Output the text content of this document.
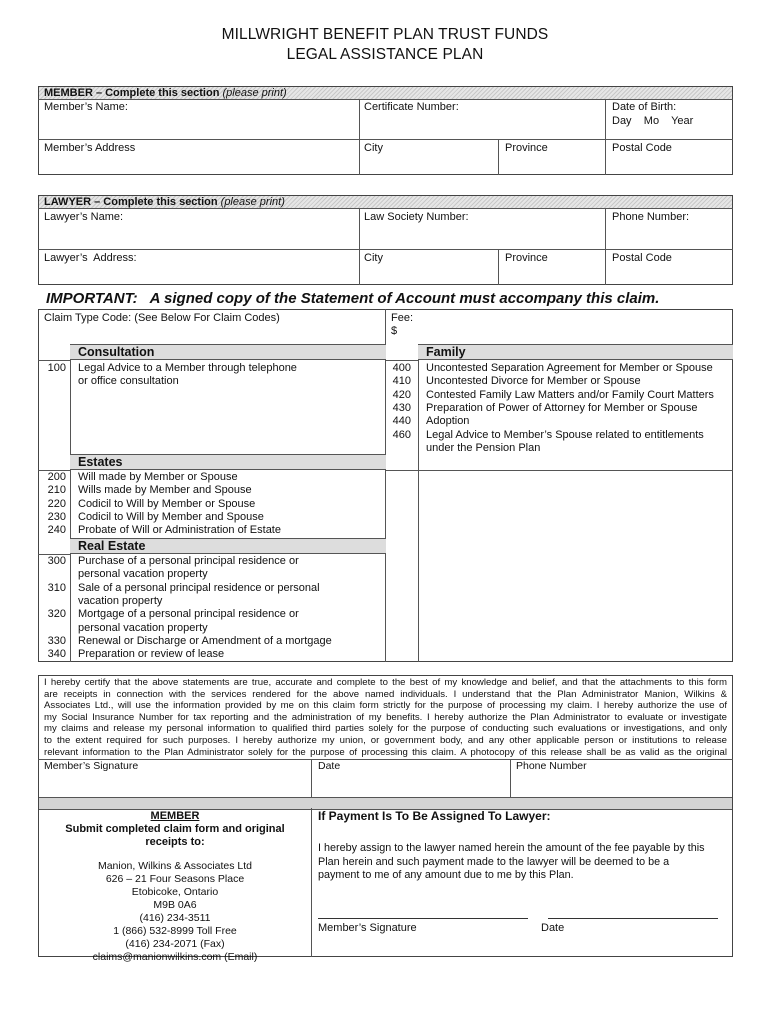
MILLWRIGHT BENEFIT PLAN TRUST FUNDS
LEGAL ASSISTANCE PLAN
MEMBER – Complete this section (please print)
Member’s Name:	Certificate Number:	Date of Birth:
Day    Mo    Year
Member’s Address	City	Province	Postal Code
LAWYER – Complete this section (please print)
Lawyer’s Name:	Law Society Number:	Phone Number:
Lawyer’s  Address:	City	Province	Postal Code
IMPORTANT:   A signed copy of the Statement of Account must accompany this claim.
Claim Type Code: (See Below For Claim Codes)	Fee:
$
Consultation
100 Legal Advice to a Member through telephone
or office consultation
Family
400 Uncontested Separation Agreement for Member or Spouse
410 Uncontested Divorce for Member or Spouse
420 Contested Family Law Matters and/or Family Court Matters
430 Preparation of Power of Attorney for Member or Spouse
440 Adoption
460 Legal Advice to Member’s Spouse related to entitlements
under the Pension Plan
Estates
200 Will made by Member or Spouse
210 Wills made by Member and Spouse
220 Codicil to Will by Member or Spouse
230 Codicil to Will by Member and Spouse
240 Probate of Will or Administration of Estate
Real Estate
300 Purchase of a personal principal residence or
personal vacation property
310 Sale of a personal principal residence or personal
vacation property
320 Mortgage of a personal principal residence or
personal vacation property
330 Renewal or Discharge or Amendment of a mortgage
340 Preparation or review of lease
I hereby certify that the above statements are true, accurate and complete to the best of my knowledge and belief, and that the attachments to this form
are receipts in connection with the services rendered for the above named individuals. I understand that the Plan Administrator Manion, Wilkins &
Associates Ltd., will use the information provided by me on this claim form strictly for the purpose of processing my claim. I hereby authorize the use of
my Social Insurance Number for tax reporting and the administration of my benefits. I hereby authorize the Plan Administrator to evaluate or investigate
my claims and release my personal information to qualified third parties solely for the purpose of conducting such evaluations or investigations, and only
to the extent required for such purposes. I hereby authorize my union, or government body, and any other applicable person or institutions to release
relevant information to the Plan Administrator solely for the purpose of processing this claim. A photocopy of this release shall be as valid as the original
Member’s Signature	Date	Phone Number
MEMBER
Submit completed claim form and original
receipts to:
Manion, Wilkins & Associates Ltd
626 – 21 Four Seasons Place
Etobicoke, Ontario
M9B 0A6
(416) 234-3511
1 (866) 532-8999 Toll Free
(416) 234-2071 (Fax)
claims@manionwilkins.com (Email)
If Payment Is To Be Assigned To Lawyer:
I hereby assign to the lawyer named herein the amount of the fee payable by this
Plan herein and such payment made to the lawyer will be deemed to be a
payment to me of any amount due to me by this Plan.
Member’s Signature	Date
